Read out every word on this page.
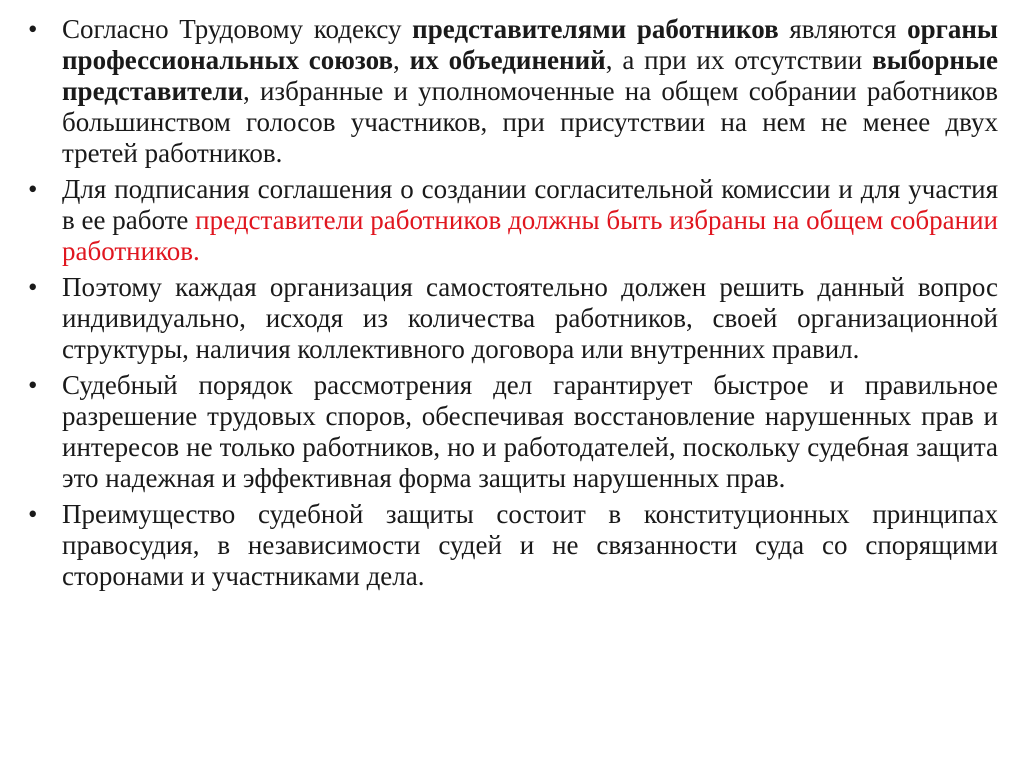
• Согласно Трудовому кодексу представителями работников являются органы профессиональных союзов, их объединений, а при их отсутствии выборные представители, избранные и уполномоченные на общем собрании работников большинством голосов участников, при присутствии на нем не менее двух третей работников.
• Для подписания соглашения о создании согласительной комиссии и для участия в ее работе представители работников должны быть избраны на общем собрании работников.
• Поэтому каждая организация самостоятельно должен решить данный вопрос индивидуально, исходя из количества работников, своей организационной структуры, наличия коллективного договора или внутренних правил.
• Судебный порядок рассмотрения дел гарантирует быстрое и правильное разрешение трудовых споров, обеспечивая восстановление нарушенных прав и интересов не только работников, но и работодателей, поскольку судебная защита это надежная и эффективная форма защиты нарушенных прав.
• Преимущество судебной защиты состоит в конституционных принципах правосудия, в независимости судей и не связанности суда со спорящими сторонами и участниками дела.
